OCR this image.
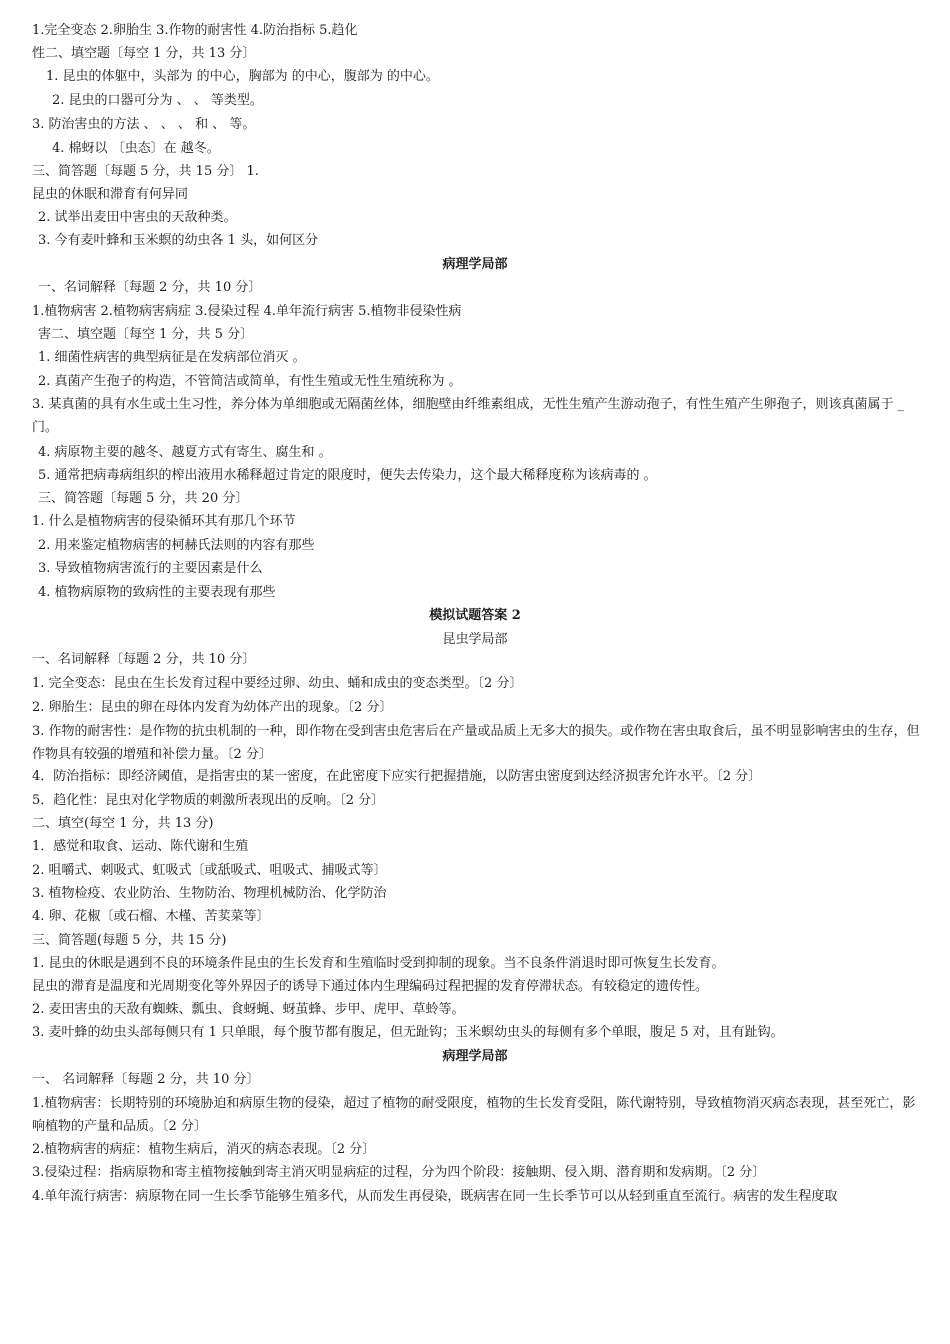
1.完全变态 2.卵胎生 3.作物的耐害性 4.防治指标 5.趋化
性二、填空题〔每空 1 分，共 13 分〕
1. 昆虫的体躯中，头部为 的中心，胸部为 的中心，腹部为 的中心。
2. 昆虫的口器可分为 、 、 等类型。
3. 防治害虫的方法 、 、 、 和 、 等。
4. 棉蚜以 〔虫态〕在 越冬。
三、简答题〔每题 5 分，共 15 分〕 1.
昆虫的休眠和滞育有何异同
2. 试举出麦田中害虫的天敌种类。
3. 今有麦叶蜂和玉米螟的幼虫各 1 头，如何区分
病理学局部
一、名词解释〔每题 2 分，共 10 分〕
1.植物病害 2.植物病害病症 3.侵染过程 4.单年流行病害 5.植物非侵染性病
害二、填空题〔每空 1 分，共 5 分〕
1. 细菌性病害的典型病征是在发病部位消灭 。
2. 真菌产生孢子的构造，不管简洁或简单，有性生殖或无性生殖统称为 。
3. 某真菌的具有水生或土生习性，养分体为单细胞或无隔菌丝体，细胞壁由纤维素组成，无性生殖产生游动孢子，有性生殖产生卵孢子，则该真菌属于 _ 门。
4. 病原物主要的越冬、越夏方式有寄生、腐生和 。
5. 通常把病毒病组织的榨出液用水稀释超过肯定的限度时，便失去传染力，这个最大稀释度称为该病毒的 。
三、简答题〔每题 5 分，共 20 分〕
1. 什么是植物病害的侵染循环其有那几个环节
2. 用来鉴定植物病害的柯赫氏法则的内容有那些
3. 导致植物病害流行的主要因素是什么
4. 植物病原物的致病性的主要表现有那些
模拟试题答案 2
昆虫学局部
一、名词解释〔每题 2 分，共 10 分〕
1. 完全变态：昆虫在生长发育过程中要经过卵、幼虫、蛹和成虫的变态类型。〔2 分〕
2. 卵胎生：昆虫的卵在母体内发育为幼体产出的现象。〔2 分〕
3. 作物的耐害性：是作物的抗虫机制的一种，即作物在受到害虫危害后在产量或品质上无多大的损失。或作物在害虫取食后，虽不明显影响害虫的生存，但作物具有较强的增殖和补偿力量。〔2 分〕
4．防治指标：即经济阈值，是指害虫的某一密度，在此密度下应实行把握措施，以防害虫密度到达经济损害允许水平。〔2 分〕
5．趋化性：昆虫对化学物质的刺激所表现出的反响。〔2 分〕
二、填空(每空 1 分，共 13 分)
1．感觉和取食、运动、陈代谢和生殖
2. 咀嚼式、刺吸式、虹吸式〔或舐吸式、咀吸式、捕吸式等〕
3. 植物检疫、农业防治、生物防治、物理机械防治、化学防治
4. 卵、花椒〔或石榴、木槿、苦荬菜等〕
三、简答题(每题 5 分，共 15 分)
1. 昆虫的休眠是遇到不良的环境条件昆虫的生长发育和生殖临时受到抑制的现象。当不良条件消退时即可恢复生长发育。
昆虫的滞育是温度和光周期变化等外界因子的诱导下通过体内生理编码过程把握的发育停滞状态。有较稳定的遗传性。
2. 麦田害虫的天敌有蜘蛛、瓢虫、食蚜蝇、蚜茧蜂、步甲、虎甲、草蛉等。
3. 麦叶蜂的幼虫头部每侧只有 1 只单眼，每个腹节都有腹足，但无趾钩；玉米螟幼虫头的每侧有多个单眼，腹足 5 对，且有趾钩。
病理学局部
一、 名词解释〔每题 2 分，共 10 分〕
1.植物病害：长期特别的环境胁迫和病原生物的侵染，超过了植物的耐受限度，植物的生长发育受阻，陈代谢特别，导致植物消灭病态表现，甚至死亡，影响植物的产量和品质。〔2 分〕
2.植物病害的病症：植物生病后，消灭的病态表现。〔2 分〕
3.侵染过程：指病原物和寄主植物接触到寄主消灭明显病症的过程，分为四个阶段：接触期、侵入期、潜育期和发病期。〔2 分〕
4.单年流行病害：病原物在同一生长季节能够生殖多代，从而发生再侵染，既病害在同一生长季节可以从轻到重直至流行。病害的发生程度取
